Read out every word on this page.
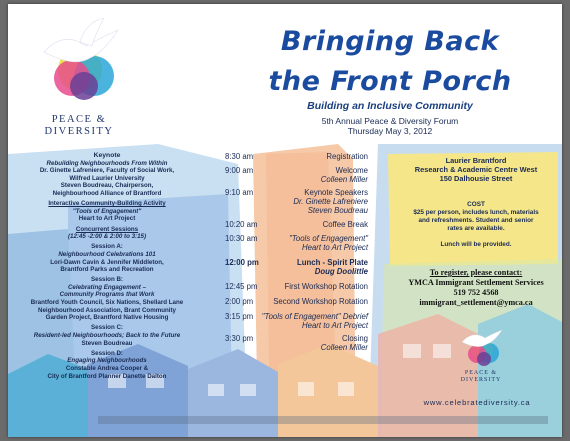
PEACE &
DIVERSITY
Bringing Back
the Front Porch
Building an Inclusive Community
5th Annual Peace & Diversity Forum
Thursday May 3, 2012
Keynote
Rebuilding Neighbourhoods From Within
Dr. Ginette Lafreniere, Faculty of Social Work,
Wilfred Laurier University
Steven Boudreau, Chairperson,
Neighbourhood Alliance of Brantford
Interactive Community-Building Activity
"Tools of Engagement"
Heart to Art Project
Concurrent Sessions
(12:45 -2:00 & 2:00 to 3:15)
Session A:
Neighbourhood Celebrations 101
Lori-Dawn Cavin & Jennifer Middleton,
Brantford Parks and Recreation
Session B:
Celebrating Engagement –
Community Programs that Work
Brantford Youth Council, Six Nations, Shellard Lane
Neighbourhood Association, Brant Community
Garden Project, Brantford Native Housing
Session C:
Resident-led Neighbourhoods; Back to the Future
Steven Boudreau
Session D:
Engaging Neighbourhoods
Constable Andrea Cooper &
City of Brantford Planner Danette Dalton
8:30 am
9:00 am
9:10 am
10:20 am
10:30 am
12:00 pm
12:45 pm
2:00 pm
3:15 pm
3:30 pm
Registration
Welcome
Colleen Miller
Keynote Speakers
Dr. Ginette Lafreniere
Steven Boudreau
Coffee Break
"Tools of Engagement"
Heart to Art Project
Lunch - Spirit Plate
Doug Doolittle
First Workshop Rotation
Second Workshop Rotation
"Tools of Engagement" Debrief
Heart to Art Project
Closing
Colleen Miller
Laurier Brantford
Research & Academic Centre West
150 Dalhousie Street
COST
$25 per person, includes lunch, materials
and refreshments. Student and senior
rates are available.
Lunch will be provided.
To register, please contact:
YMCA Immigrant Settlement Services
519 752 4568
immigrant_settlement@ymca.ca
PEACE &
DIVERSITY
www.celebratediversity.ca
